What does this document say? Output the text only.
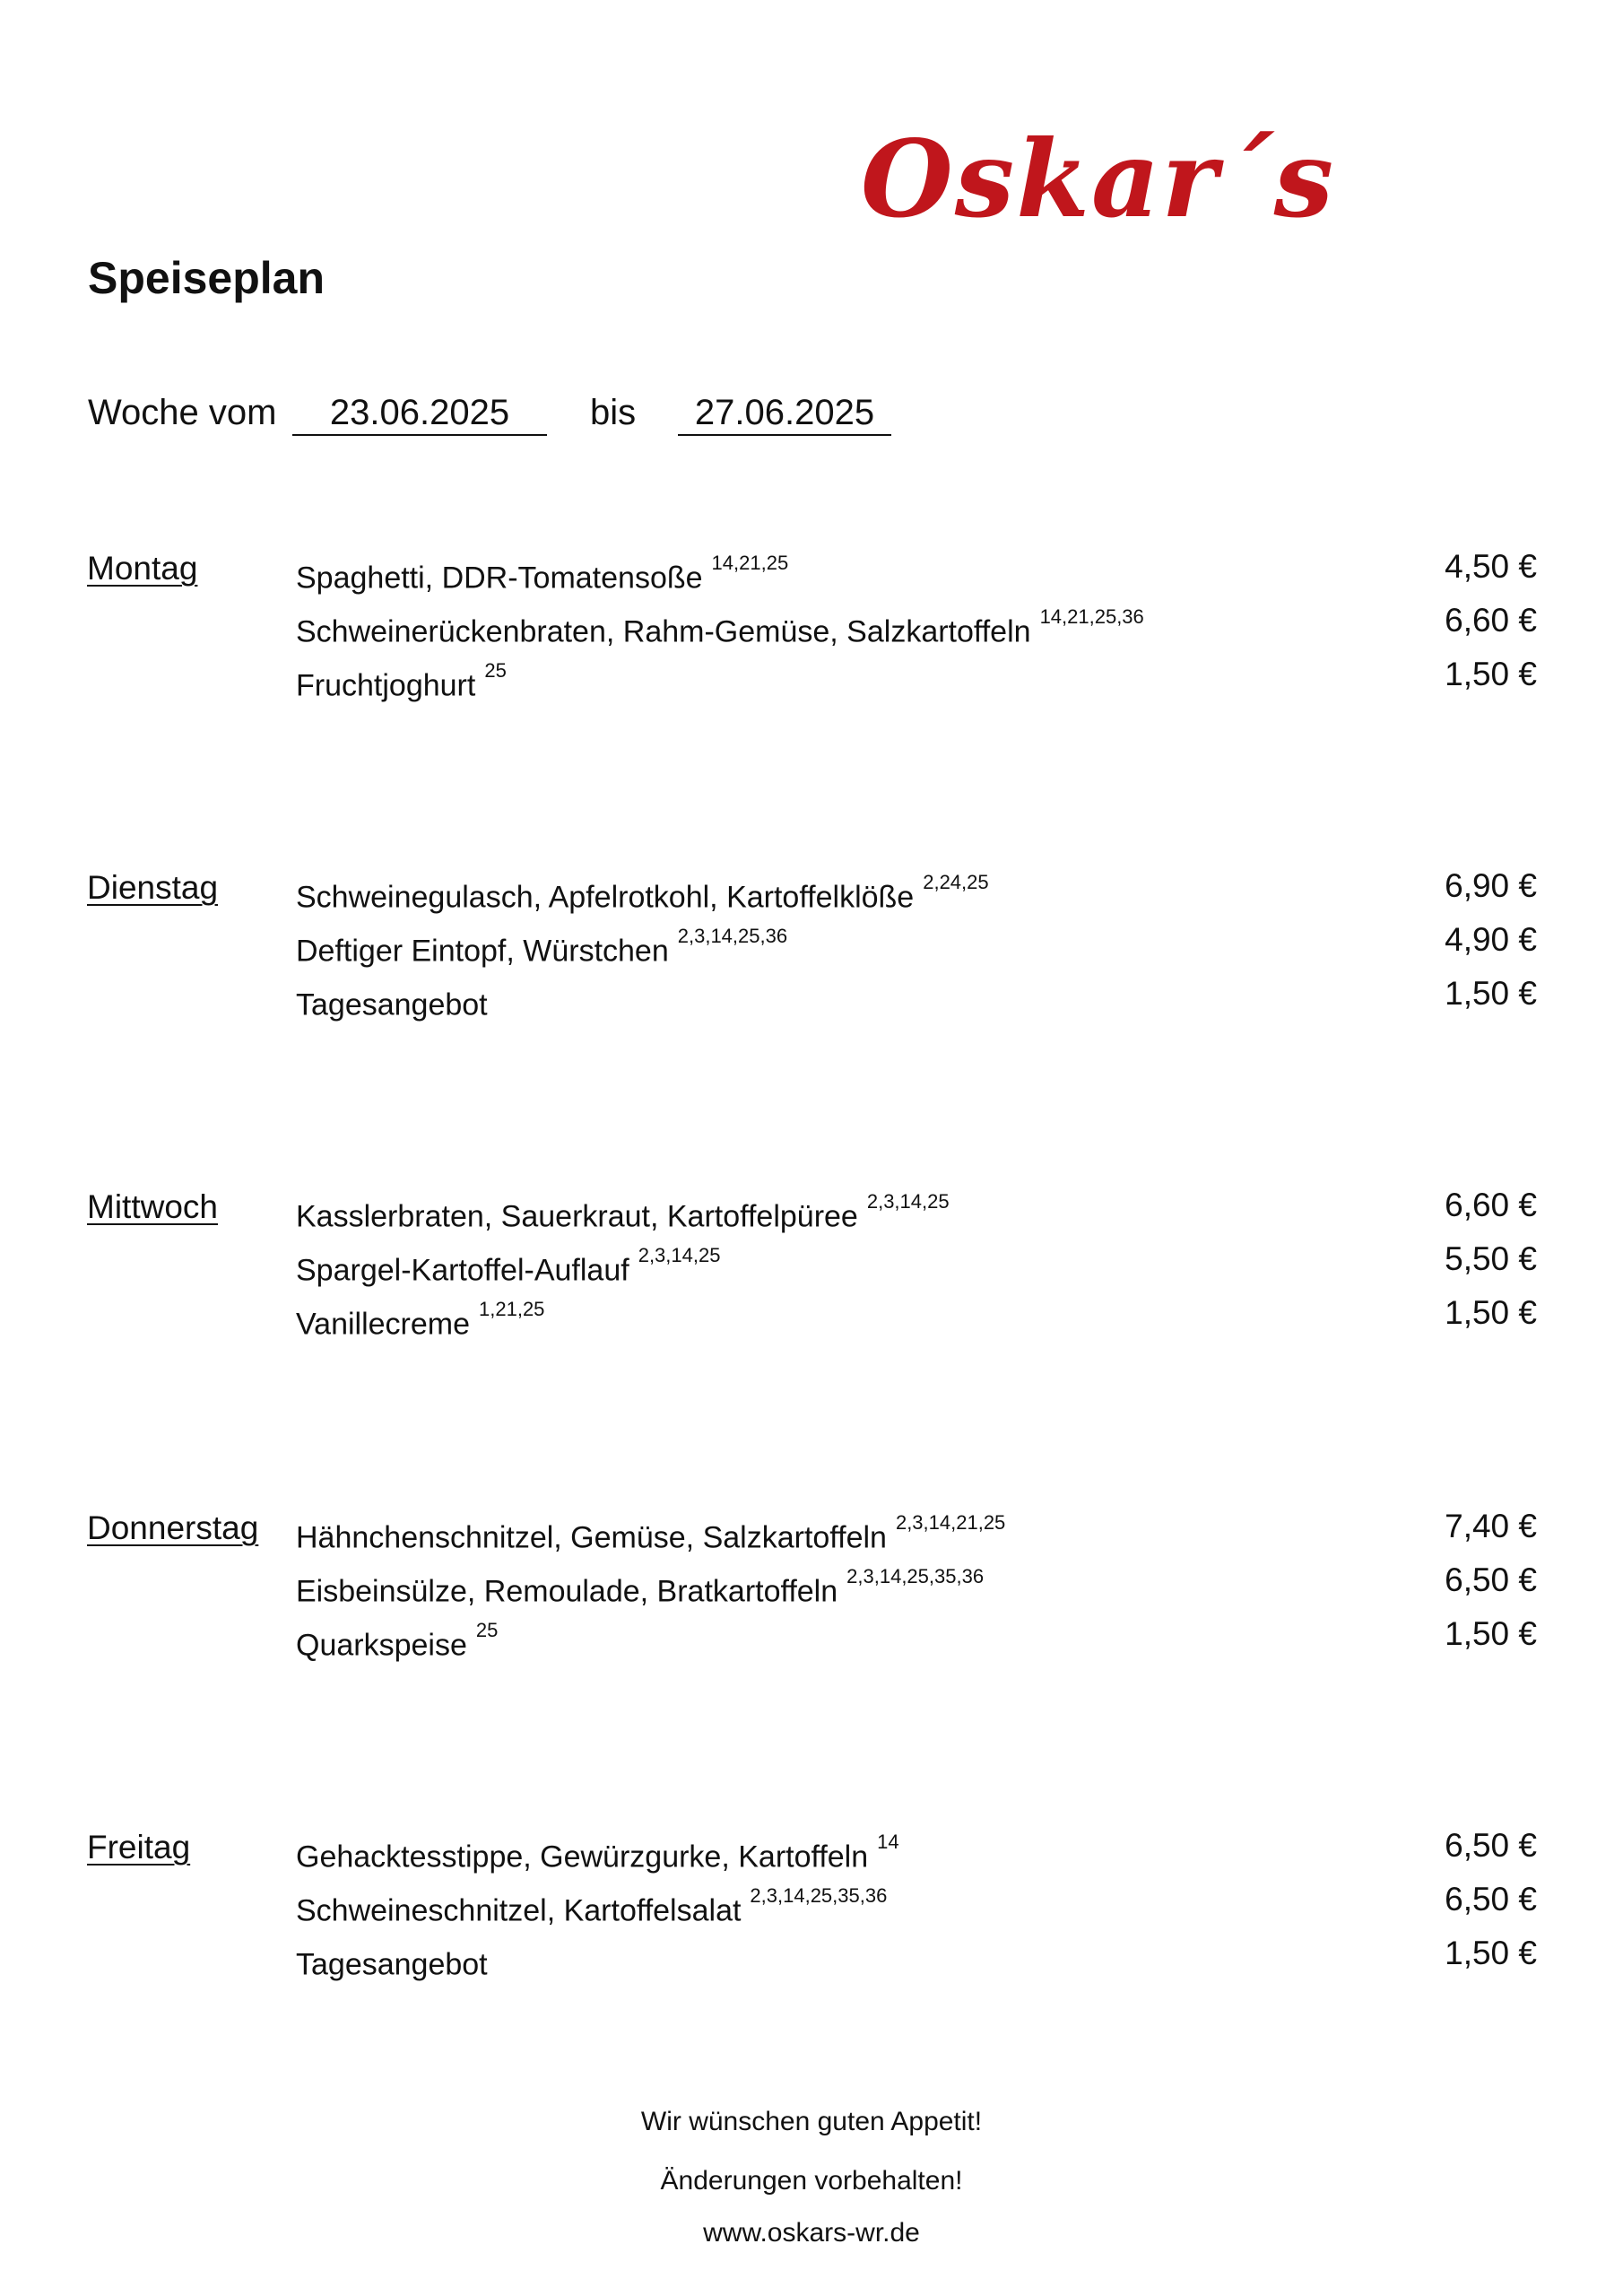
Oskar´s
Speiseplan
Woche vom	23.06.2025	bis	27.06.2025
Montag	Spaghetti, DDR-Tomatensoße $^{14,21,25}$	4,50 €
Schweinerückenbraten, Rahm-Gemüse, Salzkartoffeln $^{14,21,25,36}$	6,60 €
Fruchtjoghurt $^{25}$	1,50 €
Dienstag	Schweinegulasch, Apfelrotkohl, Kartoffelklöße $^{2,24,25}$	6,90 €
Deftiger Eintopf, Würstchen $^{2,3,14,25,36}$	4,90 €
Tagesangebot	1,50 €
Mittwoch	Kasslerbraten, Sauerkraut, Kartoffelpüree $^{2,3,14,25}$	6,60 €
Spargel-Kartoffel-Auflauf $^{2,3,14,25}$	5,50 €
Vanillecreme $^{1,21,25}$	1,50 €
Donnerstag Hähnchenschnitzel, Gemüse, Salzkartoffeln $^{2,3,14,21,25}$	7,40 €
Eisbeinsülze, Remoulade, Bratkartoffeln $^{2,3,14,25,35,36}$	6,50 €
Quarkspeise $^{25}$	1,50 €
Freitag	Gehacktesstippe, Gewürzgurke, Kartoffeln $^{14}$	6,50 €
Schweineschnitzel, Kartoffelsalat $^{2,3,14,25,35,36}$	6,50 €
Tagesangebot	1,50 €
Wir wünschen guten Appetit!
Änderungen vorbehalten!
www.oskars-wr.de
